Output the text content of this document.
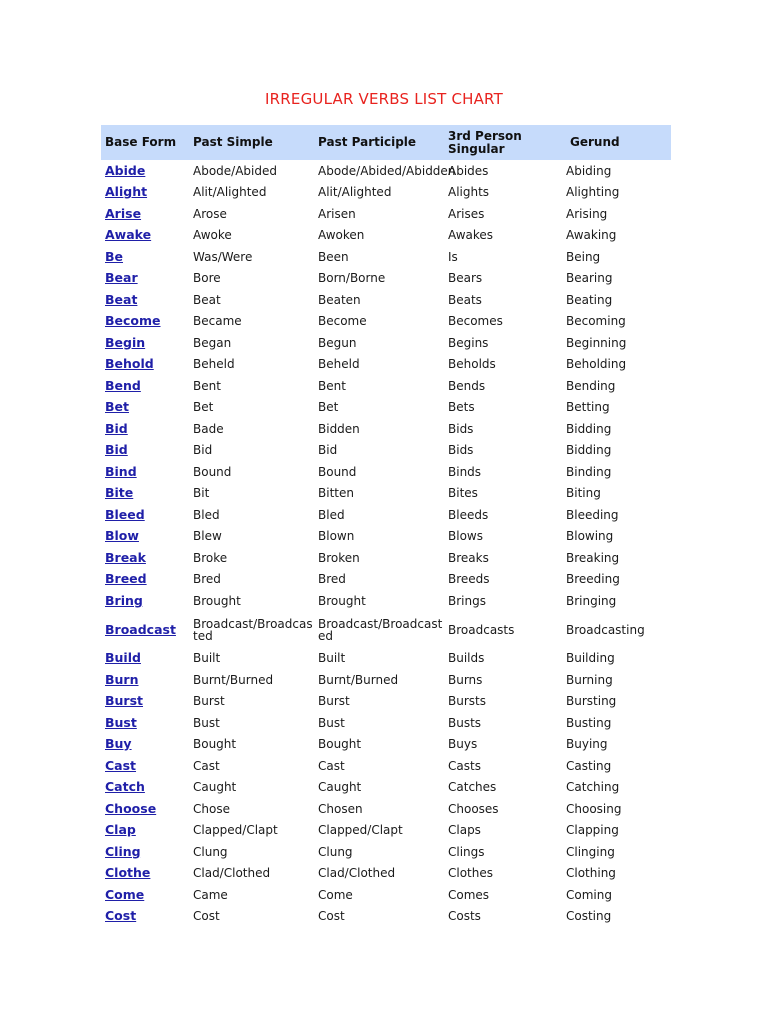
IRREGULAR VERBS LIST CHART
Base Form	Past Simple	Past Participle	3rd Person Singular	Gerund
Abide	Abode/Abided	Abode/Abided/Abidden	Abides	Abiding
Alight	Alit/Alighted	Alit/Alighted	Alights	Alighting
Arise	Arose	Arisen	Arises	Arising
Awake	Awoke	Awoken	Awakes	Awaking
Be	Was/Were	Been	Is	Being
Bear	Bore	Born/Borne	Bears	Bearing
Beat	Beat	Beaten	Beats	Beating
Become	Became	Become	Becomes	Becoming
Begin	Began	Begun	Begins	Beginning
Behold	Beheld	Beheld	Beholds	Beholding
Bend	Bent	Bent	Bends	Bending
Bet	Bet	Bet	Bets	Betting
Bid	Bade	Bidden	Bids	Bidding
Bid	Bid	Bid	Bids	Bidding
Bind	Bound	Bound	Binds	Binding
Bite	Bit	Bitten	Bites	Biting
Bleed	Bled	Bled	Bleeds	Bleeding
Blow	Blew	Blown	Blows	Blowing
Break	Broke	Broken	Breaks	Breaking
Breed	Bred	Bred	Breeds	Breeding
Bring	Brought	Brought	Brings	Bringing
Broadcast	Broadcast/Broadcasted	Broadcast/Broadcasted	Broadcasts	Broadcasting
Build	Built	Built	Builds	Building
Burn	Burnt/Burned	Burnt/Burned	Burns	Burning
Burst	Burst	Burst	Bursts	Bursting
Bust	Bust	Bust	Busts	Busting
Buy	Bought	Bought	Buys	Buying
Cast	Cast	Cast	Casts	Casting
Catch	Caught	Caught	Catches	Catching
Choose	Chose	Chosen	Chooses	Choosing
Clap	Clapped/Clapt	Clapped/Clapt	Claps	Clapping
Cling	Clung	Clung	Clings	Clinging
Clothe	Clad/Clothed	Clad/Clothed	Clothes	Clothing
Come	Came	Come	Comes	Coming
Cost	Cost	Cost	Costs	Costing
